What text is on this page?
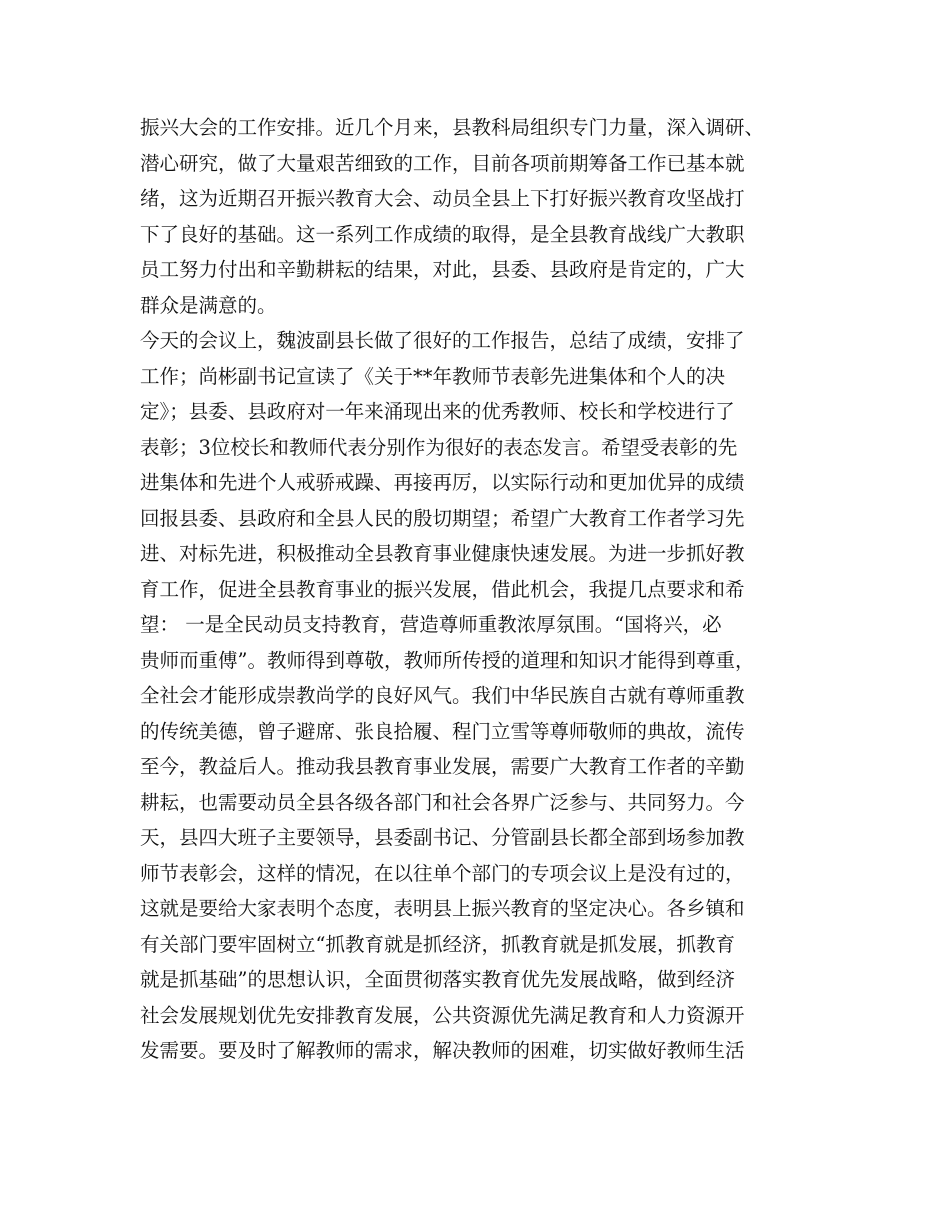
振兴大会的工作安排。近几个月来，县教科局组织专门力量，深入调研、
潜心研究，做了大量艰苦细致的工作，目前各项前期筹备工作已基本就
绪，这为近期召开振兴教育大会、动员全县上下打好振兴教育攻坚战打
下了良好的基础。这一系列工作成绩的取得，是全县教育战线广大教职
员工努力付出和辛勤耕耘的结果，对此，县委、县政府是肯定的，广大
群众是满意的。
今天的会议上，魏波副县长做了很好的工作报告，总结了成绩，安排了
工作；尚彬副书记宣读了《关于**年教师节表彰先进集体和个人的决
定》；县委、县政府对一年来涌现出来的优秀教师、校长和学校进行了
表彰；3位校长和教师代表分别作为很好的表态发言。希望受表彰的先
进集体和先进个人戒骄戒躁、再接再厉，以实际行动和更加优异的成绩
回报县委、县政府和全县人民的殷切期望；希望广大教育工作者学习先
进、对标先进，积极推动全县教育事业健康快速发展。为进一步抓好教
育工作，促进全县教育事业的振兴发展，借此机会，我提几点要求和希
望： 一是全民动员支持教育，营造尊师重教浓厚氛围。“国将兴，必
贵师而重傅”。教师得到尊敬，教师所传授的道理和知识才能得到尊重，
全社会才能形成崇教尚学的良好风气。我们中华民族自古就有尊师重教
的传统美德，曾子避席、张良拾履、程门立雪等尊师敬师的典故，流传
至今，教益后人。推动我县教育事业发展，需要广大教育工作者的辛勤
耕耘，也需要动员全县各级各部门和社会各界广泛参与、共同努力。今
天，县四大班子主要领导，县委副书记、分管副县长都全部到场参加教
师节表彰会，这样的情况，在以往单个部门的专项会议上是没有过的，
这就是要给大家表明个态度，表明县上振兴教育的坚定决心。各乡镇和
有关部门要牢固树立“抓教育就是抓经济，抓教育就是抓发展，抓教育
就是抓基础”的思想认识，全面贯彻落实教育优先发展战略，做到经济
社会发展规划优先安排教育发展，公共资源优先满足教育和人力资源开
发需要。要及时了解教师的需求，解决教师的困难，切实做好教师生活
